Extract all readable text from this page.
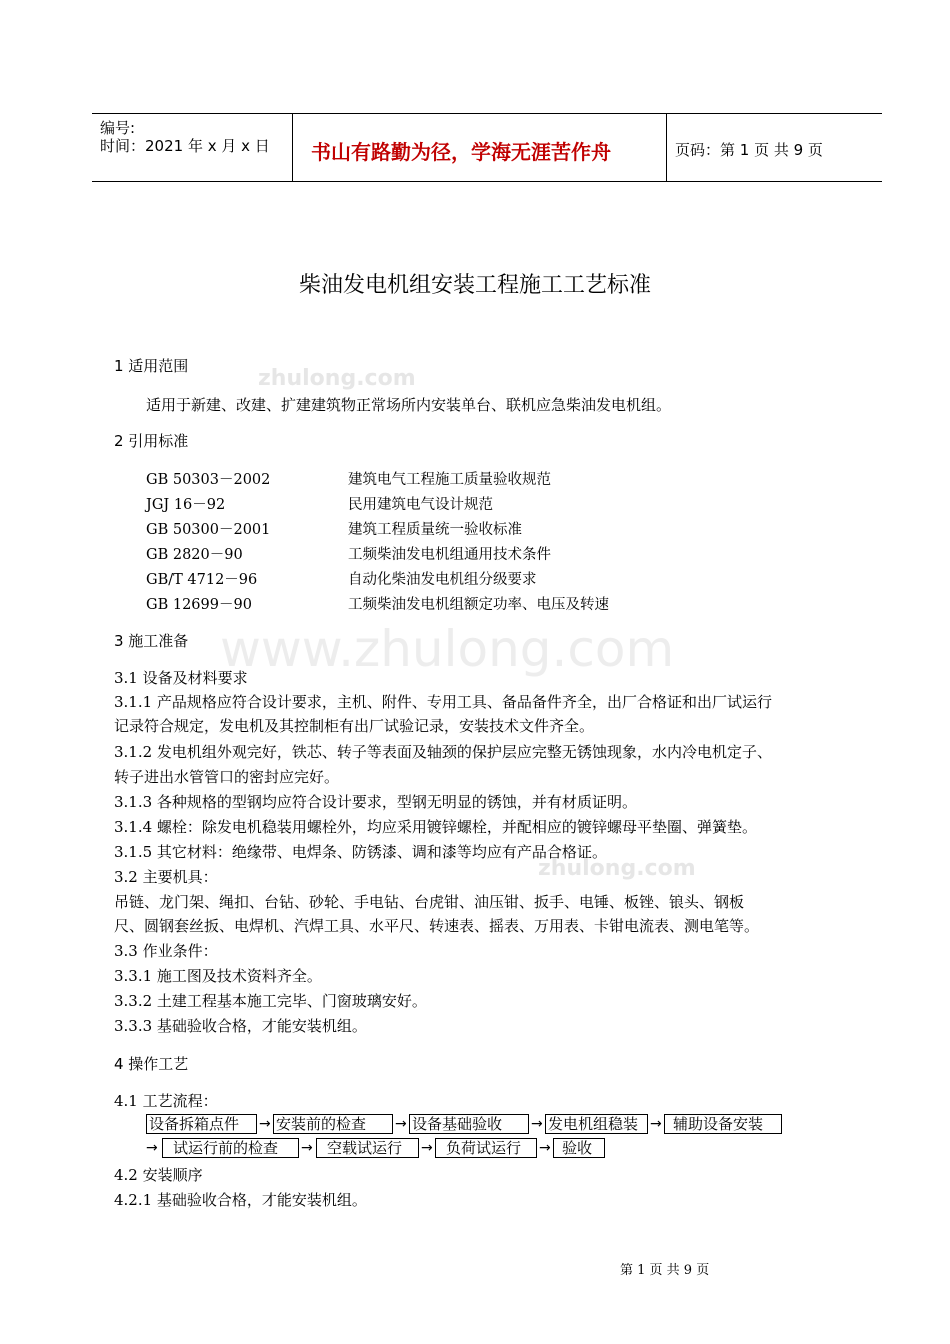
编号:
时间：2021 年 x 月 x 日 书山有路勤为径，学海无涯苦作舟	页码：第 1 页 共 9 页
zhulong.com
www.zhulong.com
zhulong.com
柴油发电机组安装工程施工工艺标准
1 适用范围
适用于新建、改建、扩建建筑物正常场所内安装单台、联机应急柴油发电机组。
2 引用标准
GB 50303－2002	建筑电气工程施工质量验收规范
JGJ 16－92	民用建筑电气设计规范
GB 50300－2001	建筑工程质量统一验收标准
GB 2820－90	工频柴油发电机组通用技术条件
GB/T 4712－96	自动化柴油发电机组分级要求
GB 12699－90	工频柴油发电机组额定功率、电压及转速
3 施工准备
3.1 设备及材料要求
3.1.1 产品规格应符合设计要求，主机、附件、专用工具、备品备件齐全，出厂合格证和出厂试运行
记录符合规定，发电机及其控制柜有出厂试验记录，安装技术文件齐全。
3.1.2 发电机组外观完好，铁芯、转子等表面及轴颈的保护层应完整无锈蚀现象，水内冷电机定子、
转子进出水管管口的密封应完好。
3.1.3 各种规格的型钢均应符合设计要求，型钢无明显的锈蚀，并有材质证明。
3.1.4 螺栓：除发电机稳装用螺栓外，均应采用镀锌螺栓，并配相应的镀锌螺母平垫圈、弹簧垫。
3.1.5 其它材料：绝缘带、电焊条、防锈漆、调和漆等均应有产品合格证。
3.2 主要机具：
吊链、龙门架、绳扣、台钻、砂轮、手电钻、台虎钳、油压钳、扳手、电锤、板锉、锒头、钢板
尺、圆钢套丝扳、电焊机、汽焊工具、水平尺、转速表、摇表、万用表、卡钳电流表、测电笔等。
3.3 作业条件：
3.3.1 施工图及技术资料齐全。
3.3.2 土建工程基本施工完毕、门窗玻璃安好。
3.3.3 基础验收合格，才能安装机组。
4 操作工艺
4.1 工艺流程：
设备拆箱点件	→ 安装前的检查	→ 设备基础验收	→ 发电机组稳装 → 辅助设备安装
→	试运行前的检查	→ 空载试运行	→ 负荷试运行	→ 验收
4.2 安装顺序
4.2.1 基础验收合格，才能安装机组。
第 1 页 共 9 页
